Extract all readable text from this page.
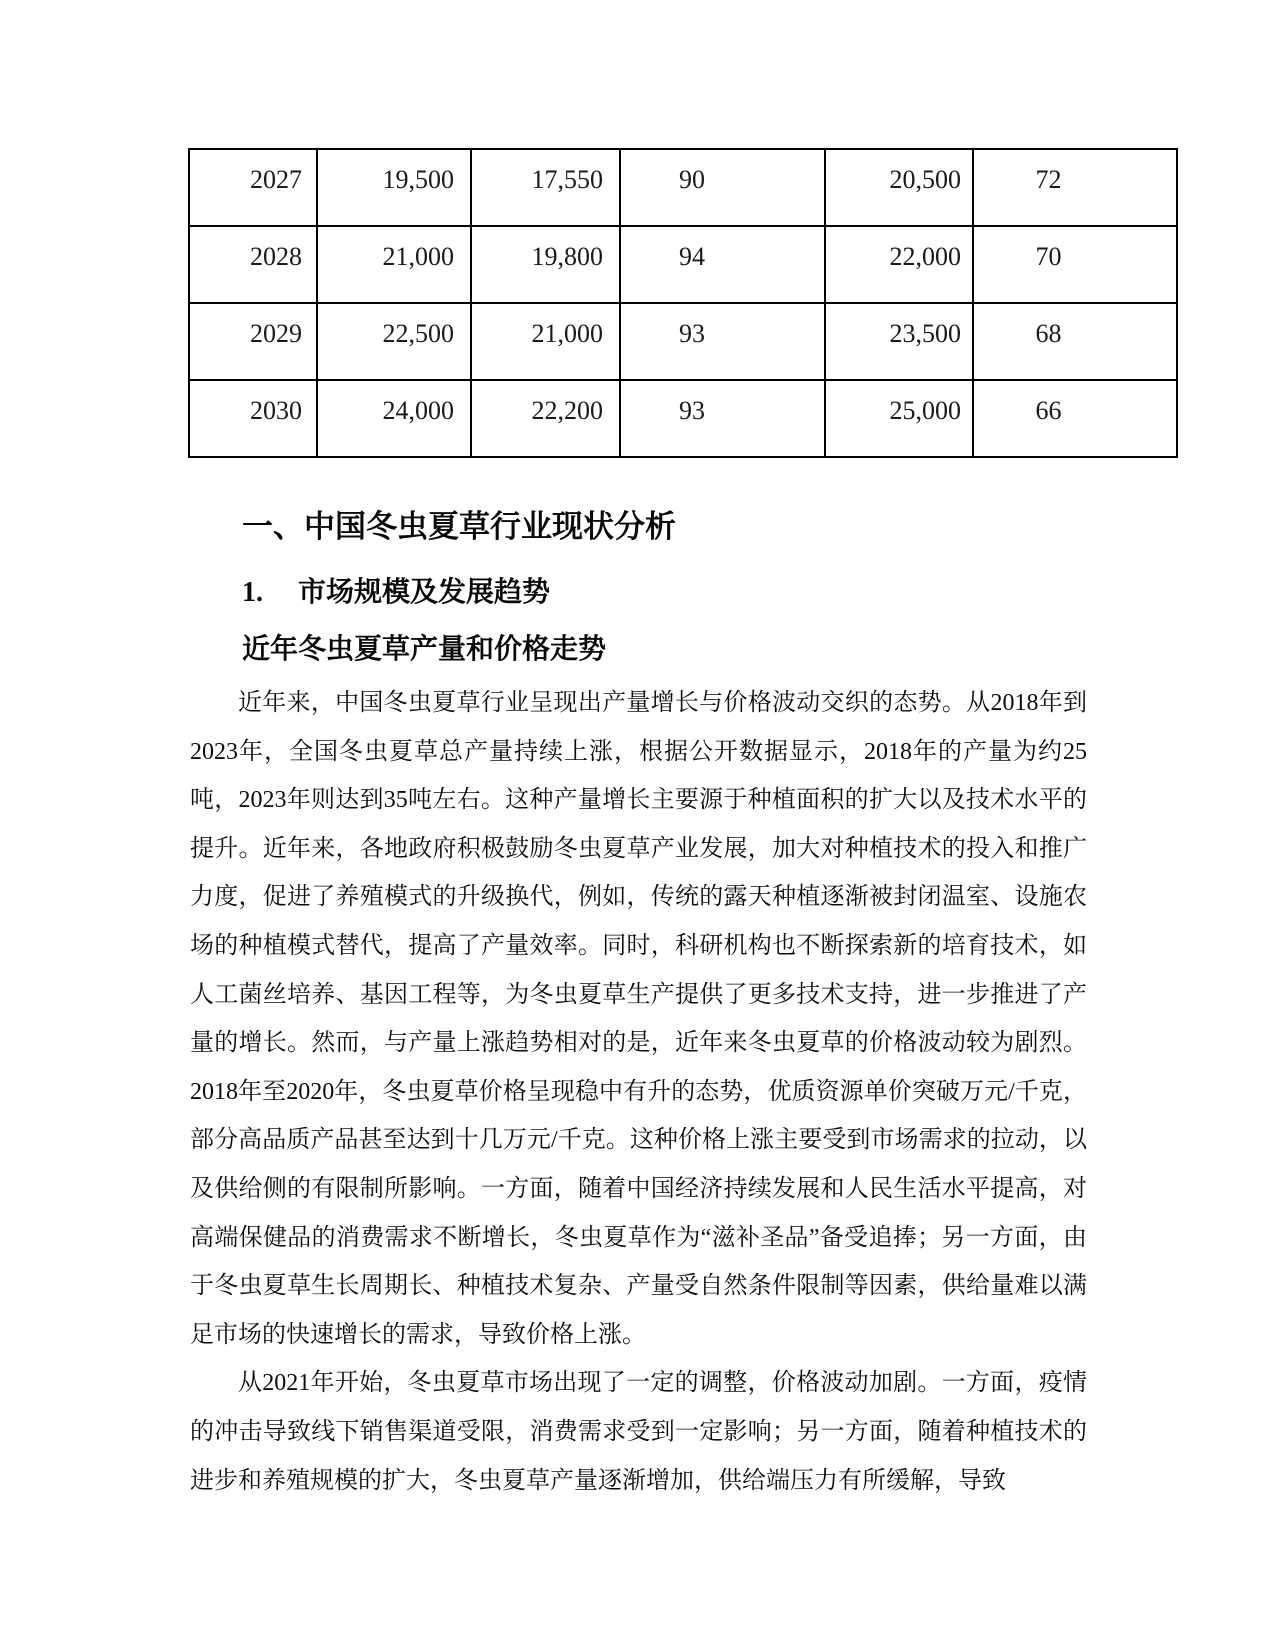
2027	19,500	17,550	90	20,500	72
2028	21,000	19,800	94	22,000	70
2029	22,500	21,000	93	23,500	68
2030	24,000	22,200	93	25,000	66
一、中国冬虫夏草行业现状分析
1. 市场规模及发展趋势
近年冬虫夏草产量和价格走势

近年来，中国冬虫夏草行业呈现出产量增长与价格波动交织的态势。从2018年到2023年，全国冬虫夏草总产量持续上涨，根据公开数据显示，2018年的产量为约25吨，2023年则达到35吨左右。这种产量增长主要源于种植面积的扩大以及技术水平的提升。近年来，各地政府积极鼓励冬虫夏草产业发展，加大对种植技术的投入和推广力度，促进了养殖模式的升级换代，例如，传统的露天种植逐渐被封闭温室、设施农场的种植模式替代，提高了产量效率。同时，科研机构也不断探索新的培育技术，如人工菌丝培养、基因工程等，为冬虫夏草生产提供了更多技术支持，进一步推进了产量的增长。然而，与产量上涨趋势相对的是，近年来冬虫夏草的价格波动较为剧烈。2018年至2020年，冬虫夏草价格呈现稳中有升的态势，优质资源单价突破万元/千克，部分高品质产品甚至达到十几万元/千克。这种价格上涨主要受到市场需求的拉动，以及供给侧的有限制所影响。一方面，随着中国经济持续发展和人民生活水平提高，对高端保健品的消费需求不断增长，冬虫夏草作为“滋补圣品”备受追捧；另一方面，由于冬虫夏草生长周期长、种植技术复杂、产量受自然条件限制等因素，供给量难以满足市场的快速增长的需求，导致价格上涨。

从2021年开始，冬虫夏草市场出现了一定的调整，价格波动加剧。一方面，疫情的冲击导致线下销售渠道受限，消费需求受到一定影响；另一方面，随着种植技术的进步和养殖规模的扩大，冬虫夏草产量逐渐增加，供给端压力有所缓解，导致
